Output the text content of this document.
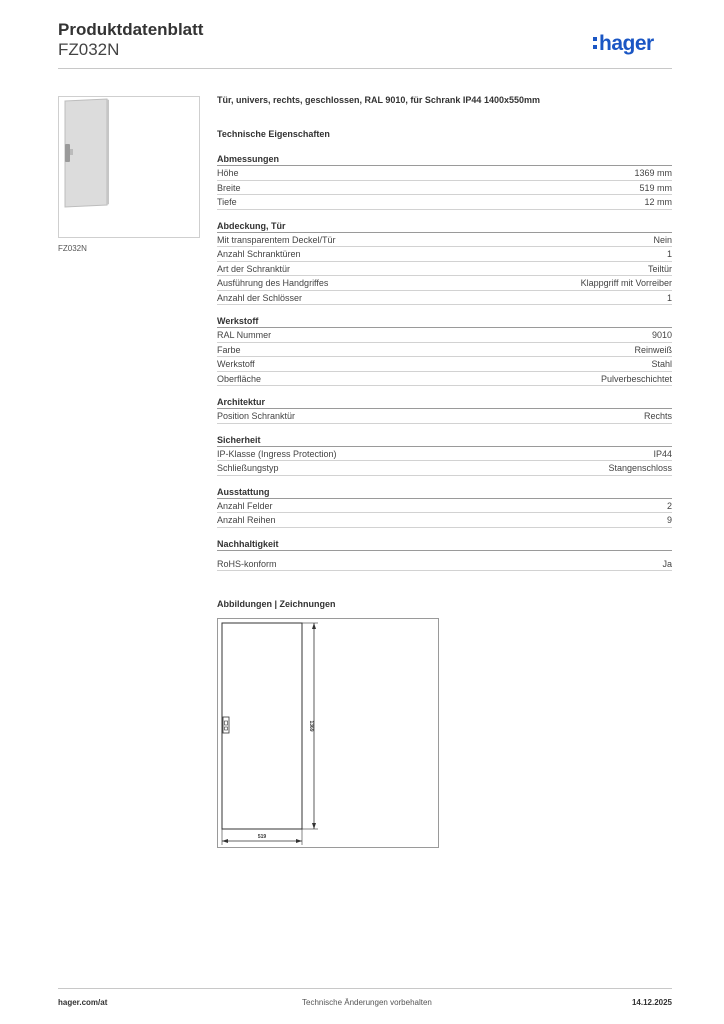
Produktdatenblatt
FZ032N	hager
FZ032N
Tür, univers, rechts, geschlossen, RAL 9010, für Schrank IP44 1400x550mm
Technische Eigenschaften
Abmessungen
Höhe	1369 mm
Breite	519 mm
Tiefe	12 mm
Abdeckung, Tür
Mit transparentem Deckel/Tür	Nein
Anzahl Schranktüren	1
Art der Schranktür	Teiltür
Ausführung des Handgriffes	Klappgriff mit Vorreiber
Anzahl der Schlösser	1
Werkstoff
RAL Nummer	9010
Farbe	Reinweiß
Werkstoff	Stahl
Oberfläche	Pulverbeschichtet
Architektur
Position Schranktür	Rechts
Sicherheit
IP-Klasse (Ingress Protection)	IP44
Schließungstyp	Stangenschloss
Ausstattung
Anzahl Felder	2
Anzahl Reihen	9
Nachhaltigkeit
RoHS-konform	Ja
Abbildungen | Zeichnungen
1369
519
hager.com/at	Technische Änderungen vorbehalten	14.12.2025
